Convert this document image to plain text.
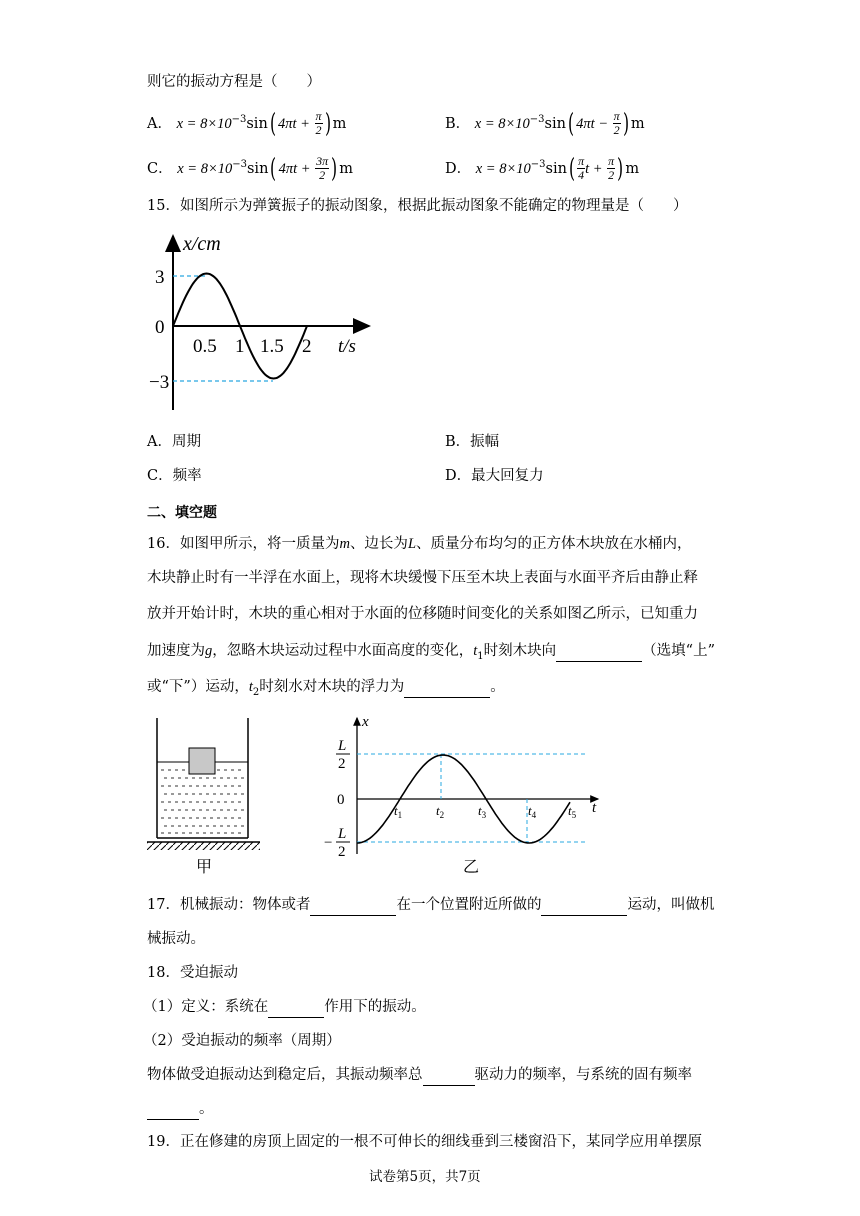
则它的振动方程是（　　）
A． $x = 8\times 10^{-3}\sin$( $4\pi t + \frac{\pi}{2}$ ) m	B． $x = 8\times 10^{-3}\sin$( $4\pi t - \frac{\pi}{2}$ ) m
C． $x = 8\times 10^{-3}\sin$( $4\pi t + \frac{3\pi}{2}$ ) m	D． $x = 8\times 10^{-3}\sin( \frac{\pi}{4}$ $t + \frac{\pi}{2}$ ) m
15．如图所示为弹簧振子的振动图象，根据此振动图象不能确定的物理量是（　　）
x/cm
3
0
−3
0.5 1 1.5 2 t/s
A．周期	B．振幅
C．频率	D．最大回复力
二、填空题
16．如图甲所示，将一质量为m、边长为L、质量分布均匀的正方体木块放在水桶内，
木块静止时有一半浮在水面上，现将木块缓慢下压至木块上表面与水面平齐后由静止释
放并开始计时，木块的重心相对于水面的位移随时间变化的关系如图乙所示，已知重力
加速度为g，忽略木块运动过程中水面高度的变化，$t_1$时刻木块向	（选填“上”
或“下”）运动，$t_2$时刻水对木块的浮力为	。
甲
x
t
L
2
0
−
L
2
$t_1$	$t_2$	$t_3$	$t_4$ $t_5$
乙
17．机械振动：物体或者	在一个位置附近所做的	运动，叫做机
械振动。
18．受迫振动
（1）定义：系统在	作用下的振动。
（2）受迫振动的频率（周期）
物体做受迫振动达到稳定后，其振动频率总	驱动力的频率，与系统的固有频率
。
19．正在修建的房顶上固定的一根不可伸长的细线垂到三楼窗沿下，某同学应用单摆原
试卷第5页，共7页
